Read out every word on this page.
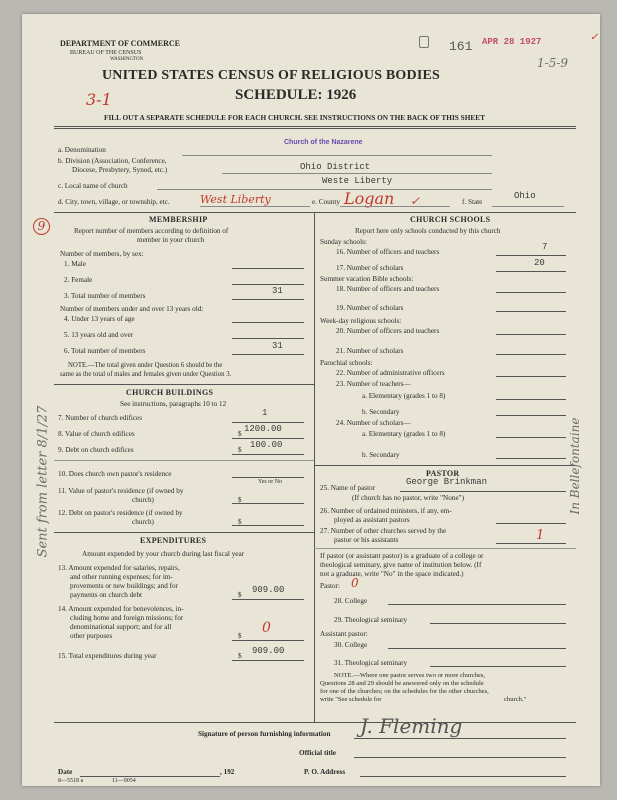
DEPARTMENT OF COMMERCE
BUREAU OF THE CENSUS
WASHINGTON
161 APR 28 1927
1-5-9
UNITED STATES CENSUS OF RELIGIOUS BODIES
3-1	SCHEDULE: 1926
FILL OUT A SEPARATE SCHEDULE FOR EACH CHURCH. SEE INSTRUCTIONS ON THE BACK OF THIS SHEET
a. Denomination
Church of the Nazarene
b. Division (Association, Conference,
Diocese, Presbytery, Synod, etc.)	Ohio District
c. Local name of church	Weste Liberty
d. City, town, village, or township, etc.	West Liberty	e. County Logan	f. State
Ohio
MEMBERSHIP
Report number of members according to definition of
member in your church
Number of members, by sex:
1. Male
2. Female
3. Total number of members	31
Number of members under and over 13 years old:
4. Under 13 years of age
5. 13 years old and over
6. Total number of members	31
NOTE.—The total given under Question 6 should be the
same as the total of males and females given under Question 3.
CHURCH BUILDINGS
See instructions, paragraphs 10 to 12
7. Number of church edifices	1
8. Value of church edifices	$ 1200.00
9. Debt on church edifices	$ 100.00
10. Does church own pastor's residence
Yes or No
11. Value of pastor's residence (if owned by
church)	$
12. Debt on pastor's residence (if owned by
church)	$
EXPENDITURES
Amount expended by your church during last fiscal year
13. Amount expended for salaries, repairs,
and other running expenses; for im-
provements or new buildings; and for
payments on church debt	$ 909.00
14. Amount expended for benevolences, in-
cluding home and foreign missions; for
denominational support; and for all
other purposes	$ 0
15. Total expenditures during year	$ 909.00
CHURCH SCHOOLS
Report here only schools conducted by this church
Sunday schools:
16. Number of officers and teachers	7
17. Number of scholars	20
Summer vacation Bible schools:
18. Number of officers and teachers
19. Number of scholars
Week-day religious schools:
20. Number of officers and teachers
21. Number of scholars
Parochial schools:
22. Number of administrative officers
23. Number of teachers—
a. Elementary (grades 1 to 8)
b. Secondary
24. Number of scholars—
a. Elementary (grades 1 to 8)
b. Secondary
PASTOR
25. Name of pastor
George Brinkman
(If church has no pastor, write "None")
26. Number of ordained ministers, if any, em-
ployed as assistant pastors
27. Number of other churches served by the
pastor or his assistants	1
If pastor (or assistant pastor) is a graduate of a college or
theological seminary, give name of institution below. (If
not a graduate, write "No" in the space indicated.)
Pastor: 0
28. College
29. Theological seminary
Assistant pastor:
30. College
31. Theological seminary
NOTE.—Where one pastor serves two or more churches,
Questions 28 and 29 should be answered only on the schedule
for one of the churches; on the schedules for the other churches,
write "See schedule for	church."
Signature of person furnishing information J. Fleming
Official title
Date	, 192	P. O. Address
8—5518 a	11—9054
Sent from letter 8/1/27	In Bellefontaine
9
✓
✓
